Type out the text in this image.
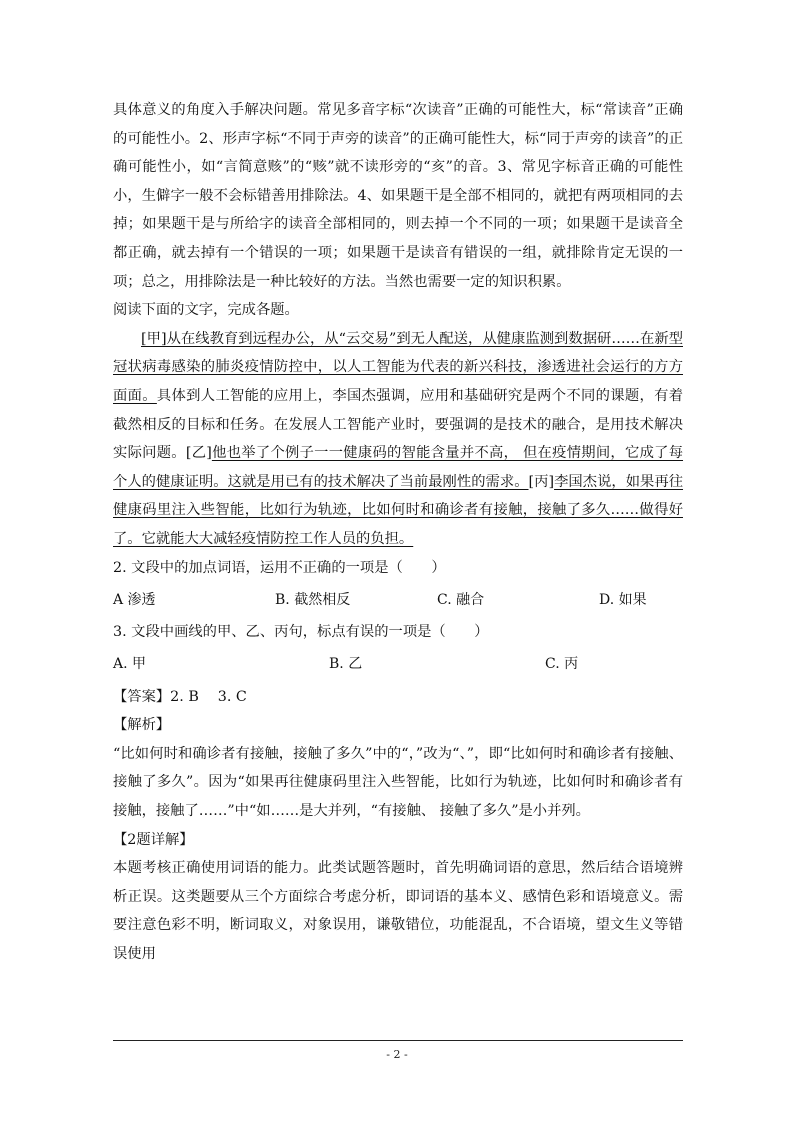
具体意义的角度入手解决问题。常见多音字标“次读音”正确的可能性大，标“常读音”正确的可能性小。2、形声字标“不同于声旁的读音”的正确可能性大，标“同于声旁的读音”的正确可能性小，如“言简意赅”的“赅”就不读形旁的“亥”的音。3、常见字标音正确的可能性小，生僻字一般不会标错善用排除法。4、如果题干是全部不相同的，就把有两项相同的去掉；如果题干是与所给字的读音全部相同的，则去掉一个不同的一项；如果题干是读音全都正确，就去掉有一个错误的一项；如果题干是读音有错误的一组，就排除肯定无误的一项；总之，用排除法是一种比较好的方法。当然也需要一定的知识积累。

阅读下面的文字，完成各题。

[甲]从在线教育到远程办公，从“云交易”到无人配送，从健康监测到数据研……在新型冠状病毒感染的肺炎疫情防控中，以人工智能为代表的新兴科技，渗透进社会运行的方方面面。具体到人工智能的应用上，李国杰强调，应用和基础研究是两个不同的课题，有着截然相反的目标和任务。在发展人工智能产业时，要强调的是技术的融合，是用技术解决实际问题。[乙]他也举了个例子一一健康码的智能含量并不高， 但在疫情期间，它成了每个人的健康证明。这就是用已有的技术解决了当前最刚性的需求。[丙]李国杰说，如果再往健康码里注入些智能，比如行为轨迹，比如何时和确诊者有接触，接触了多久……做得好了。它就能大大减轻疫情防控工作人员的负担。

2. 文段中的加点词语，运用不正确的一项是（　　）

A 渗透	B. 截然相反	C. 融合	D. 如果

3. 文段中画线的甲、乙、丙句，标点有误的一项是（　　）

A. 甲	B. 乙	C. 丙

【答案】2. B　 3. C

【解析】

“比如何时和确诊者有接触，接触了多久”中的“，”改为“、”，即“比如何时和确诊者有接触、接触了多久”。因为“如果再往健康码里注入些智能，比如行为轨迹，比如何时和确诊者有接触，接触了……”中“如……是大并列，“有接触、 接触了多久”是小并列。

【2题详解】

本题考核正确使用词语的能力。此类试题答题时，首先明确词语的意思，然后结合语境辨析正误。这类题要从三个方面综合考虑分析，即词语的基本义、感情色彩和语境意义。需要注意色彩不明，断词取义，对象误用，谦敬错位，功能混乱，不合语境，望文生义等错误使用

- 2 -
